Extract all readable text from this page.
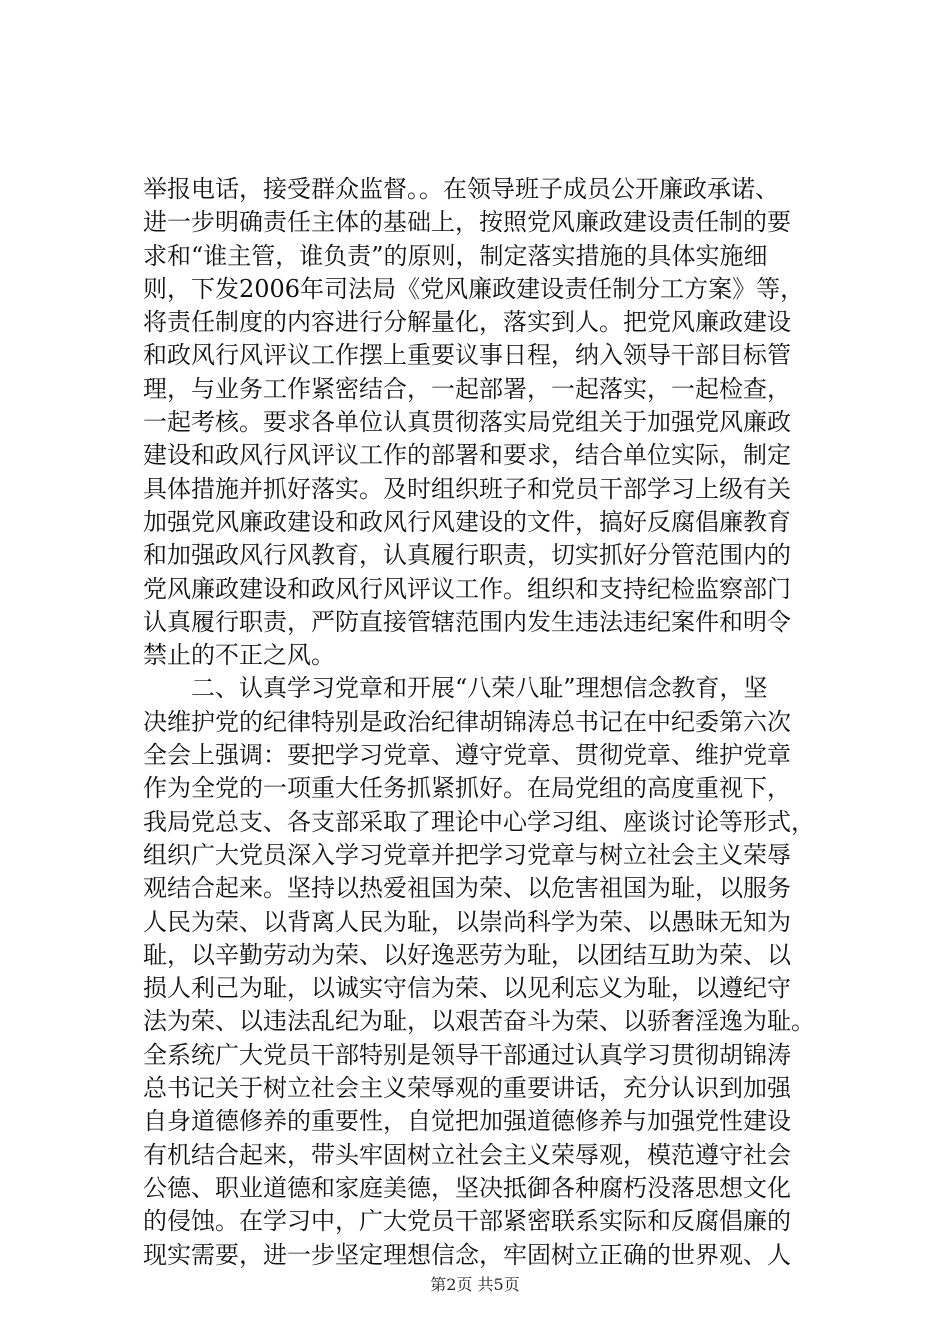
举报电话，接受群众监督。。在领导班子成员公开廉政承诺、
进一步明确责任主体的基础上，按照党风廉政建设责任制的要
求和“谁主管，谁负责”的原则，制定落实措施的具体实施细
则，下发2006年司法局《党风廉政建设责任制分工方案》等，
将责任制度的内容进行分解量化，落实到人。把党风廉政建设
和政风行风评议工作摆上重要议事日程，纳入领导干部目标管
理，与业务工作紧密结合，一起部署，一起落实，一起检查，
一起考核。要求各单位认真贯彻落实局党组关于加强党风廉政
建设和政风行风评议工作的部署和要求，结合单位实际，制定
具体措施并抓好落实。及时组织班子和党员干部学习上级有关
加强党风廉政建设和政风行风建设的文件，搞好反腐倡廉教育
和加强政风行风教育，认真履行职责，切实抓好分管范围内的
党风廉政建设和政风行风评议工作。组织和支持纪检监察部门
认真履行职责，严防直接管辖范围内发生违法违纪案件和明令
禁止的不正之风。
　　二、认真学习党章和开展“八荣八耻”理想信念教育，坚
决维护党的纪律特别是政治纪律胡锦涛总书记在中纪委第六次
全会上强调：要把学习党章、遵守党章、贯彻党章、维护党章
作为全党的一项重大任务抓紧抓好。在局党组的高度重视下，
我局党总支、各支部采取了理论中心学习组、座谈讨论等形式，
组织广大党员深入学习党章并把学习党章与树立社会主义荣辱
观结合起来。坚持以热爱祖国为荣、以危害祖国为耻，以服务
人民为荣、以背离人民为耻，以崇尚科学为荣、以愚昧无知为
耻，以辛勤劳动为荣、以好逸恶劳为耻，以团结互助为荣、以
损人利己为耻，以诚实守信为荣、以见利忘义为耻，以遵纪守
法为荣、以违法乱纪为耻，以艰苦奋斗为荣、以骄奢淫逸为耻。
全系统广大党员干部特别是领导干部通过认真学习贯彻胡锦涛
总书记关于树立社会主义荣辱观的重要讲话，充分认识到加强
自身道德修养的重要性，自觉把加强道德修养与加强党性建设
有机结合起来，带头牢固树立社会主义荣辱观，模范遵守社会
公德、职业道德和家庭美德，坚决抵御各种腐朽没落思想文化
的侵蚀。在学习中，广大党员干部紧密联系实际和反腐倡廉的
现实需要，进一步坚定理想信念，牢固树立正确的世界观、人
第2页 共5页
